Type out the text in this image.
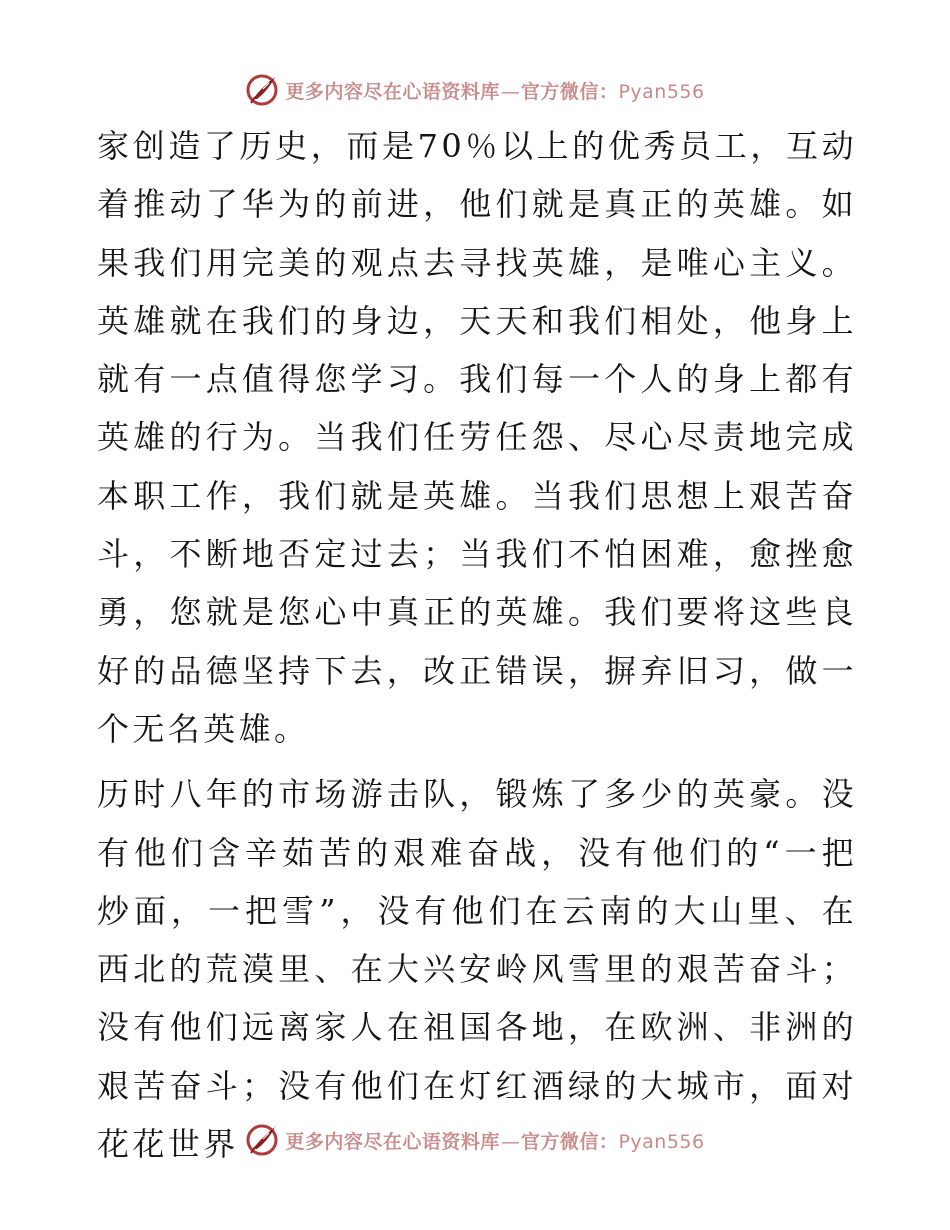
更多内容尽在心语资料库— 官方微信：Pyan556

家创造了历史，而是70％以上的优秀员工，互动着推动了华为的前进，他们就是真正的英雄。如果我们用完美的观点去寻找英雄，是唯心主义。英雄就在我们的身边，天天和我们相处，他身上就有一点值得您学习。我们每一个人的身上都有英雄的行为。当我们任劳任怨、尽心尽责地完成本职工作，我们就是英雄。当我们思想上艰苦奋斗，不断地否定过去；当我们不怕困难，愈挫愈勇，您就是您心中真正的英雄。我们要将这些良好的品德坚持下去，改正错误，摒弃旧习，做一个无名英雄。

历时八年的市场游击队，锻炼了多少的英豪。没有他们含辛茹苦的艰难奋战，没有他们的“一把炒面，一把雪”，没有他们在云南的大山里、在西北的荒漠里、在大兴安岭风雪里的艰苦奋斗；没有他们远离家人在祖国各地，在欧洲、非洲的艰苦奋斗；没有他们在灯红酒绿的大城市，面对花花世界	更多内容尽在心语资料库— 官方微信：Pyan556
